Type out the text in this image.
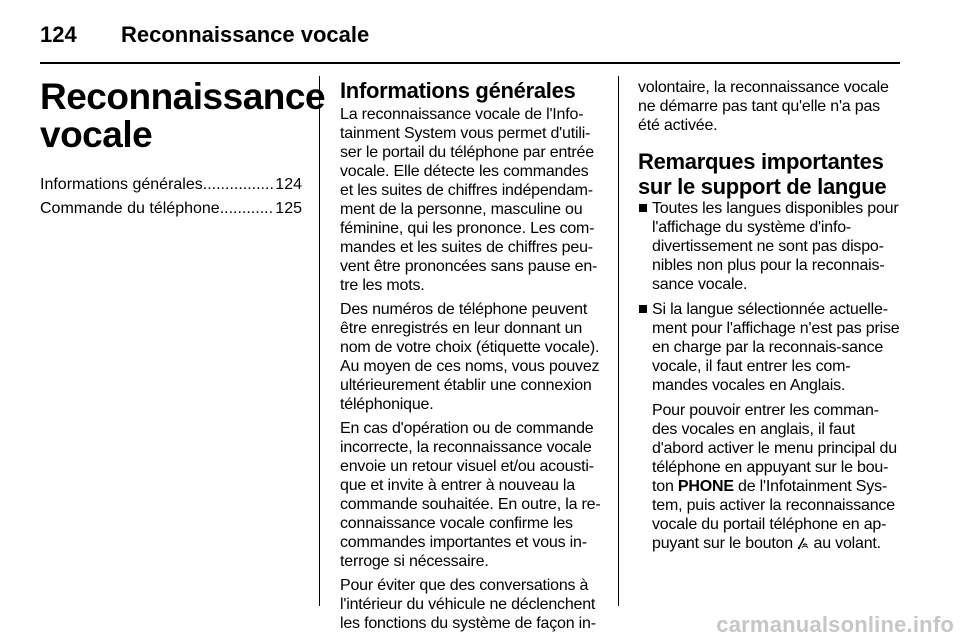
124 Reconnaissance vocale
Reconnaissance
vocale
Informations générales .....	124
Commande du téléphone .....	125
Informations générales

La reconnaissance vocale de l'Info-tainment System vous permet d'utili-ser le portail du téléphone par entrée vocale. Elle détecte les commandes et les suites de chiffres indépendam-ment de la personne, masculine ou féminine, qui les prononce. Les com-mandes et les suites de chiffres peu-vent être prononcées sans pause en-tre les mots.

Des numéros de téléphone peuvent être enregistrés en leur donnant un nom de votre choix (étiquette vocale). Au moyen de ces noms, vous pouvez ultérieurement établir une connexion téléphonique.

En cas d'opération ou de commande incorrecte, la reconnaissance vocale envoie un retour visuel et/ou acousti-que et invite à entrer à nouveau la commande souhaitée. En outre, la re-connaissance vocale confirme les commandes importantes et vous in-terroge si nécessaire.

Pour éviter que des conversations à l'intérieur du véhicule ne déclenchent les fonctions du système de façon in-

volontaire, la reconnaissance vocale ne démarre pas tant qu'elle n'a pas été activée.

Remarques importantes sur le support de langue

Toutes les langues disponibles pour l'affichage du système d'info-divertissement ne sont pas dispo-nibles non plus pour la reconnais-sance vocale.

Si la langue sélectionnée actuelle-ment pour l'affichage n'est pas prise en charge par la reconnais-sance vocale, il faut entrer les com-mandes vocales en Anglais.

Pour pouvoir entrer les comman-des vocales en anglais, il faut d'abord activer le menu principal du téléphone en appuyant sur le bou-ton PHONE de l'Infotainment Sys-tem, puis activer la reconnaissance vocale du portail téléphone en ap-puyant sur le bouton  au volant.

carmanualsonline.info
